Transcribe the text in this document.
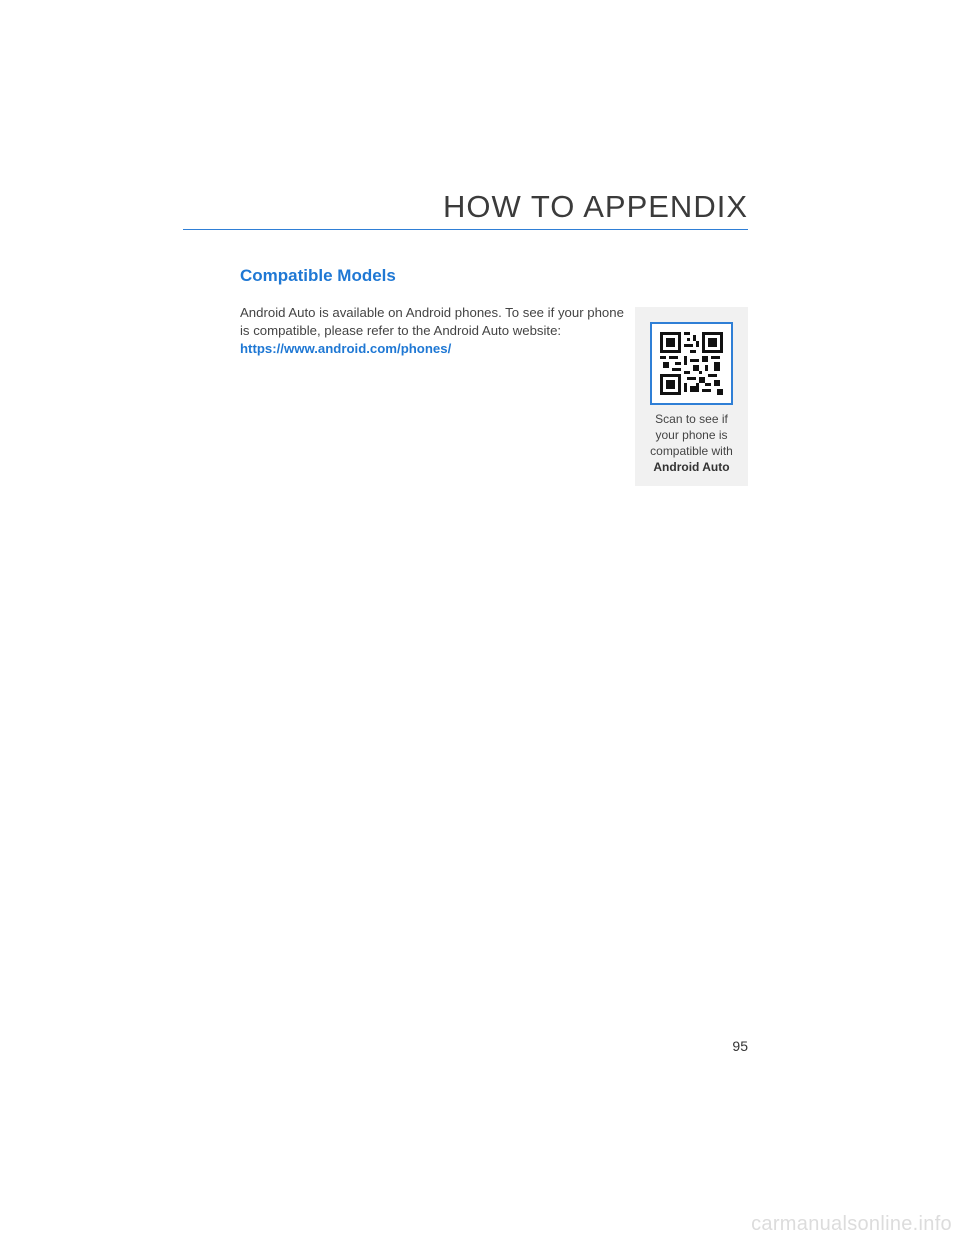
HOW TO APPENDIX
Compatible Models

Android Auto is available on Android phones. To see if your phone is compatible, please refer to the Android Auto website:

https://www.android.com/phones/
Scan to see if
your phone is
compatible with
Android Auto
95
carmanualsonline.info
